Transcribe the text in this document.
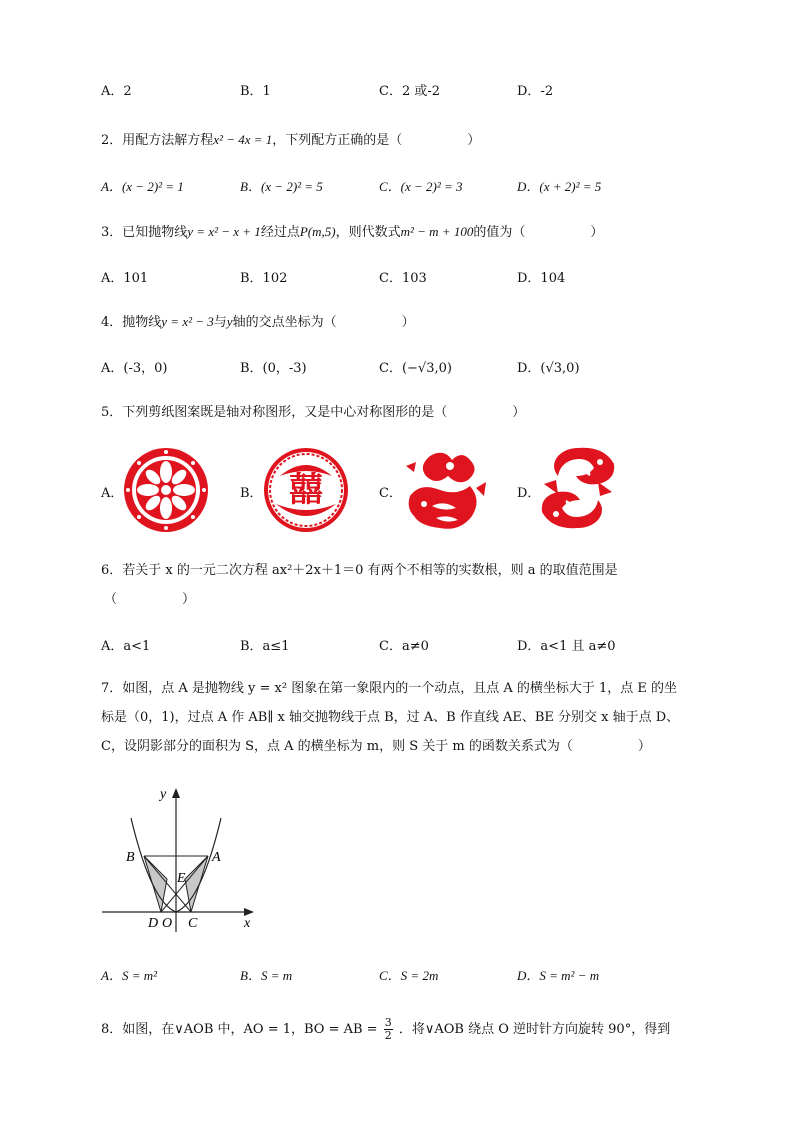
A．2	B．1	C．2 或-2	D．-2
2．用配方法解方程x² − 4x = 1，下列配方正确的是（　　　　　）
A．(x − 2)² = 1	B．(x − 2)² = 5	C．(x − 2)² = 3	D．(x + 2)² = 5
3．已知抛物线y = x² − x + 1经过点P(m,5)，则代数式m² − m + 100的值为（　　　　　）
A．101	B．102	C．103	D．104
4．抛物线y = x² − 3与y轴的交点坐标为（　　　　　）
A．(-3，0)	B．(0，-3)	C．(−√3,0)	D．(√3,0)
5．下列剪纸图案既是轴对称图形，又是中心对称图形的是（　　　　　）
A．	B． 囍	C．	D．
6．若关于 x 的一元二次方程 ax²＋2x＋1＝0 有两个不相等的实数根，则 a 的取值范围是
（　　　　　）
A．a<1	B．a≤1	C．a≠0	D．a<1 且 a≠0
7．如图，点 A 是抛物线 y = x² 图象在第一象限内的一个动点，且点 A 的横坐标大于 1，点 E 的坐
标是（0，1)，过点 A 作 AB∥ x 轴交抛物线于点 B，过 A、B 作直线 AE、BE 分别交 x 轴于点 D、
C，设阴影部分的面积为 S，点 A 的横坐标为 m，则 S 关于 m 的函数关系式为（　　　　　）
y
x
A
B
E
D O C
A．S = m²	B．S = m	C．S = 2m	D．S = m² − m
8．如图，在∨AOB 中，AO = 1，BO = AB = $\frac{3}{2}$ ．将∨AOB 绕点 O 逆时针方向旋转 90°，得到
